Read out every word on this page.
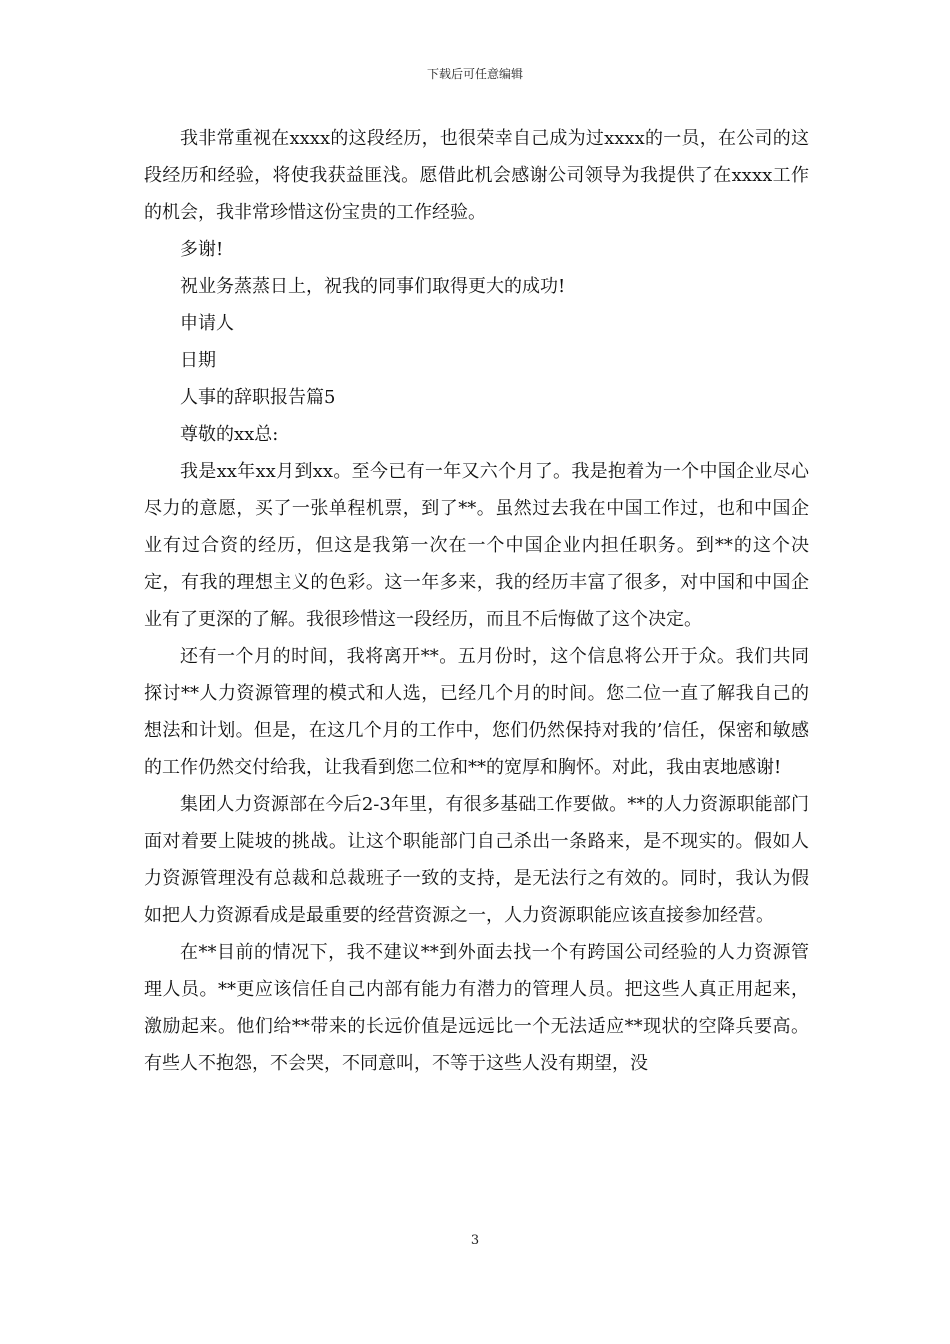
下载后可任意编辑

我非常重视在xxxx的这段经历，也很荣幸自己成为过xxxx的一员，在公司的这段经历和经验，将使我获益匪浅。愿借此机会感谢公司领导为我提供了在xxxx工作的机会，我非常珍惜这份宝贵的工作经验。

多谢!

祝业务蒸蒸日上，祝我的同事们取得更大的成功!

申请人

日期

人事的辞职报告篇5

尊敬的xx总:

我是xx年xx月到xx。至今已有一年又六个月了。我是抱着为一个中国企业尽心尽力的意愿，买了一张单程机票，到了**。虽然过去我在中国工作过，也和中国企业有过合资的经历，但这是我第一次在一个中国企业内担任职务。到**的这个决定，有我的理想主义的色彩。这一年多来，我的经历丰富了很多，对中国和中国企业有了更深的了解。我很珍惜这一段经历，而且不后悔做了这个决定。

还有一个月的时间，我将离开**。五月份时，这个信息将公开于众。我们共同探讨**人力资源管理的模式和人选，已经几个月的时间。您二位一直了解我自己的想法和计划。但是，在这几个月的工作中，您们仍然保持对我的’信任，保密和敏感的工作仍然交付给我，让我看到您二位和**的宽厚和胸怀。对此，我由衷地感谢!

集团人力资源部在今后2-3年里，有很多基础工作要做。**的人力资源职能部门面对着要上陡坡的挑战。让这个职能部门自己杀出一条路来，是不现实的。假如人力资源管理没有总裁和总裁班子一致的支持，是无法行之有效的。同时，我认为假如把人力资源看成是最重要的经营资源之一，人力资源职能应该直接参加经营。

在**目前的情况下，我不建议**到外面去找一个有跨国公司经验的人力资源管理人员。**更应该信任自己内部有能力有潜力的管理人员。把这些人真正用起来，激励起来。他们给**带来的长远价值是远远比一个无法适应**现状的空降兵要高。有些人不抱怨，不会哭，不同意叫，不等于这些人没有期望，没

3
